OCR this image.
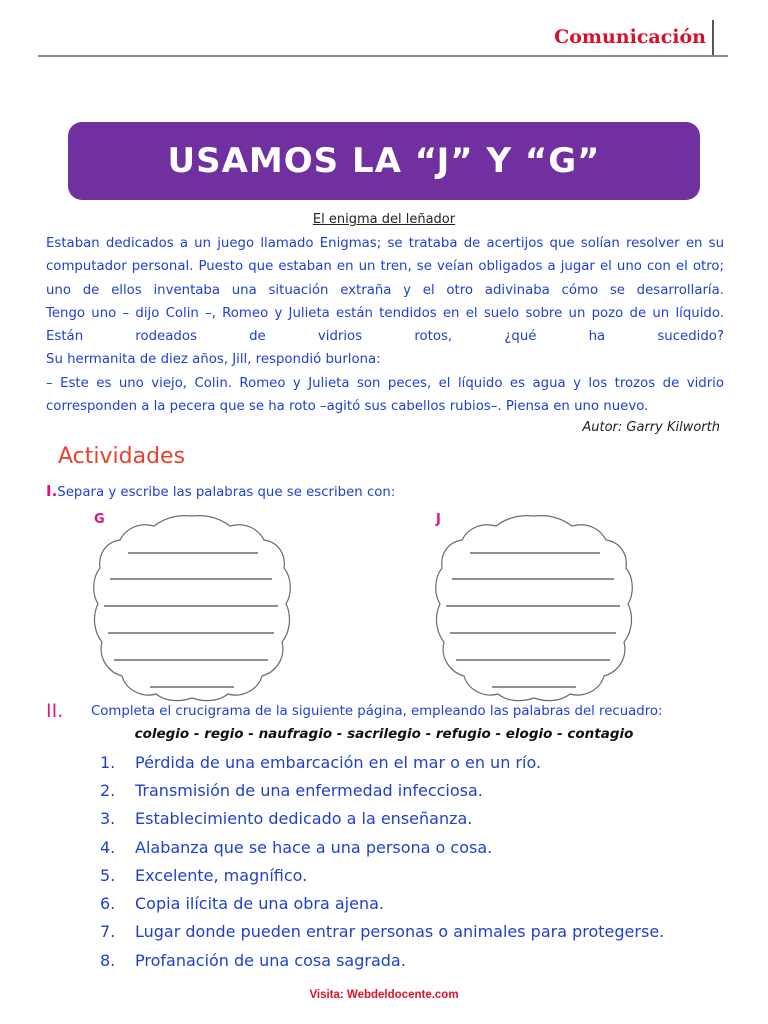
Comunicación
USAMOS LA “J” Y “G”
El enigma del leñador

Estaban dedicados a un juego llamado Enigmas; se trataba de acertijos que solían resolver en su computador personal. Puesto que estaban en un tren, se veían obligados a jugar el uno con el otro; uno de ellos inventaba una situación extraña y el otro adivinaba cómo se desarrollaría.

Tengo uno – dijo Colin –, Romeo y Julieta están tendidos en el suelo sobre un pozo de un líquido. Están rodeados de vidrios rotos, ¿qué ha sucedido?

Su hermanita de diez años, Jill, respondió burlona:

– Este es uno viejo, Colin. Romeo y Julieta son peces, el líquido es agua y los trozos de vidrio corresponden a la pecera que se ha roto –agitó sus cabellos rubios–. Piensa en uno nuevo.

Autor: Garry Kilworth
Actividades
I.Separa y escribe las palabras que se escriben con:
G	J
II. Completa el crucigrama de la siguiente página, empleando las palabras del recuadro:
colegio - regio - naufragio - sacrilegio - refugio - elogio - contagio
1.	Pérdida de una embarcación en el mar o en un río.
2.	Transmisión de una enfermedad infecciosa.
3.	Establecimiento dedicado a la enseñanza.
4.	Alabanza que se hace a una persona o cosa.
5.	Excelente, magnífico.
6.	Copia ilícita de una obra ajena.
7.	Lugar donde pueden entrar personas o animales para protegerse.
8.	Profanación de una cosa sagrada.
Visita: Webdeldocente.com
